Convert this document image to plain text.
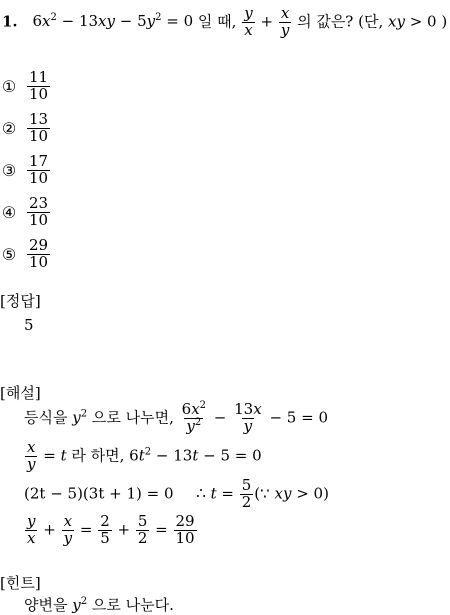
1. $6x^2 - 13xy - 5y^2 = 0$ 일 때, $\frac{y}{x} + \frac{x}{y}$ 의 값은? (단, xy > 0 )
① $\frac{11}{10}$
② $\frac{13}{10}$
③ $\frac{17}{10}$
④ $\frac{23}{10}$
⑤ $\frac{29}{10}$
[정답]
5
[해설]
등식을 $y^2$ 으로 나누면, $\frac{6x^2}{y^2} - \frac{13x}{y} - 5 = 0$
$\frac{x}{y} = t$ 라 하면, $6t^2 - 13t - 5 = 0$
(2t − 5)(3t + 1) = 0 ∴ $t = \frac{5}{2}$ (∵ xy > 0)
$\frac{y}{x} + \frac{x}{y} = \frac{2}{5} + \frac{5}{2} = \frac{29}{10}$
[힌트]
양변을 $y^2$ 으로 나눈다.
